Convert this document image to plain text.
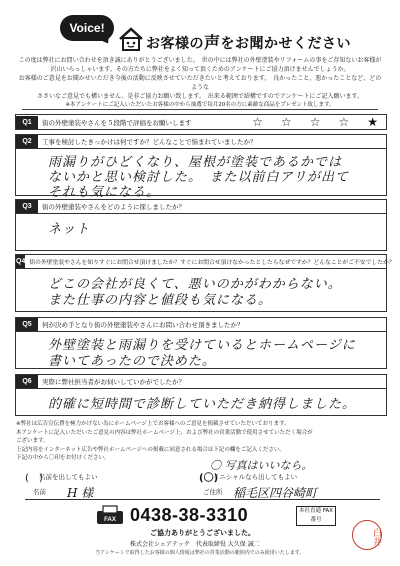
Voice!
お客様の声をお聞かせください
この度は弊社にお問い合わせを頂き誠にありがとうございました。　世の中には弊社の外壁塗装やリフォームの事をご存知ないお客様が
沢山いらっしゃいます。その方たちに弊社をよく知って頂くためのアンケートにご協力頂けませんでしょうか。
お客様のご意見をお聞かせいただき今後の活動に反映させていただきたいと考えております。　良かったこと、悪かったことなど、どのような
ささいなご意見でも構いません。是非ご協力お願い致します。　出来る範囲で結構ですのでアンケートにご記入願います。
※本アンケートにご記入いただいたお客様の中から抽選で毎月20名の方に素敵な商品をプレゼント致します。
Q1	街の外壁塗装やさんを５段階で評価をお願いします	☆ ☆ ☆ ☆ ★
Q2	工事を検討したきっかけは何ですか？どんなことで悩まれていましたか？
雨漏りがひどくなり、屋根が塗装であるかでは
ないかと思い検討した。　また以前白アリが出て
それも気になる。
Q3	街の外壁塗装やさんをどのように探しましたか？
ネット
Q4 街の外壁塗装やさんを知りすぐにお問合せ頂けましたか？すぐにお問合せ頂けなかったとしたらなぜですか？どんなことがご不安でしたか？
どこの会社が良くて、悪いのかがわからない。
また仕事の内容と値段も気になる。
Q5	何が決め手となり街の外壁塗装やさんにお問い合わせ頂きましたか？
外壁塗装と雨漏りを受けているとホームページに
書いてあったので決めた。
Q6	実際に弊社担当者がお伺いしていかがでしたか？
的確に短時間で診断していただき納得しました。
※弊社は広告宣伝費を極力かけない為にホームページ上でお客様へのご意見を掲載させていただいております。
本アンケートに記入いただいたご意見の内容は弊社ホームページ上、および弊社の営業活動で使用させていただく場合がございます。
上記内容をインターネット広告や弊社ホームページへの掲載に同意される場合は下記の欄をご記入ください。
下記の中から〇印をお付けください。
〇 写真はいいなら。
(　)
名前を出してもよい	(〇)
イニシャルなら出してもよい
名前 H 様	ご住所 稲毛区四谷崎町
FAX 0438-38-3310	本社直通 FAX番号
ご協力ありがとうございました。
株式会社シェアテック　代表取締役 大久保 誠二
当アンケートで取得したお客様の個人情報は弊社の営業活動の範囲内でのみ使用いたします。
白井
